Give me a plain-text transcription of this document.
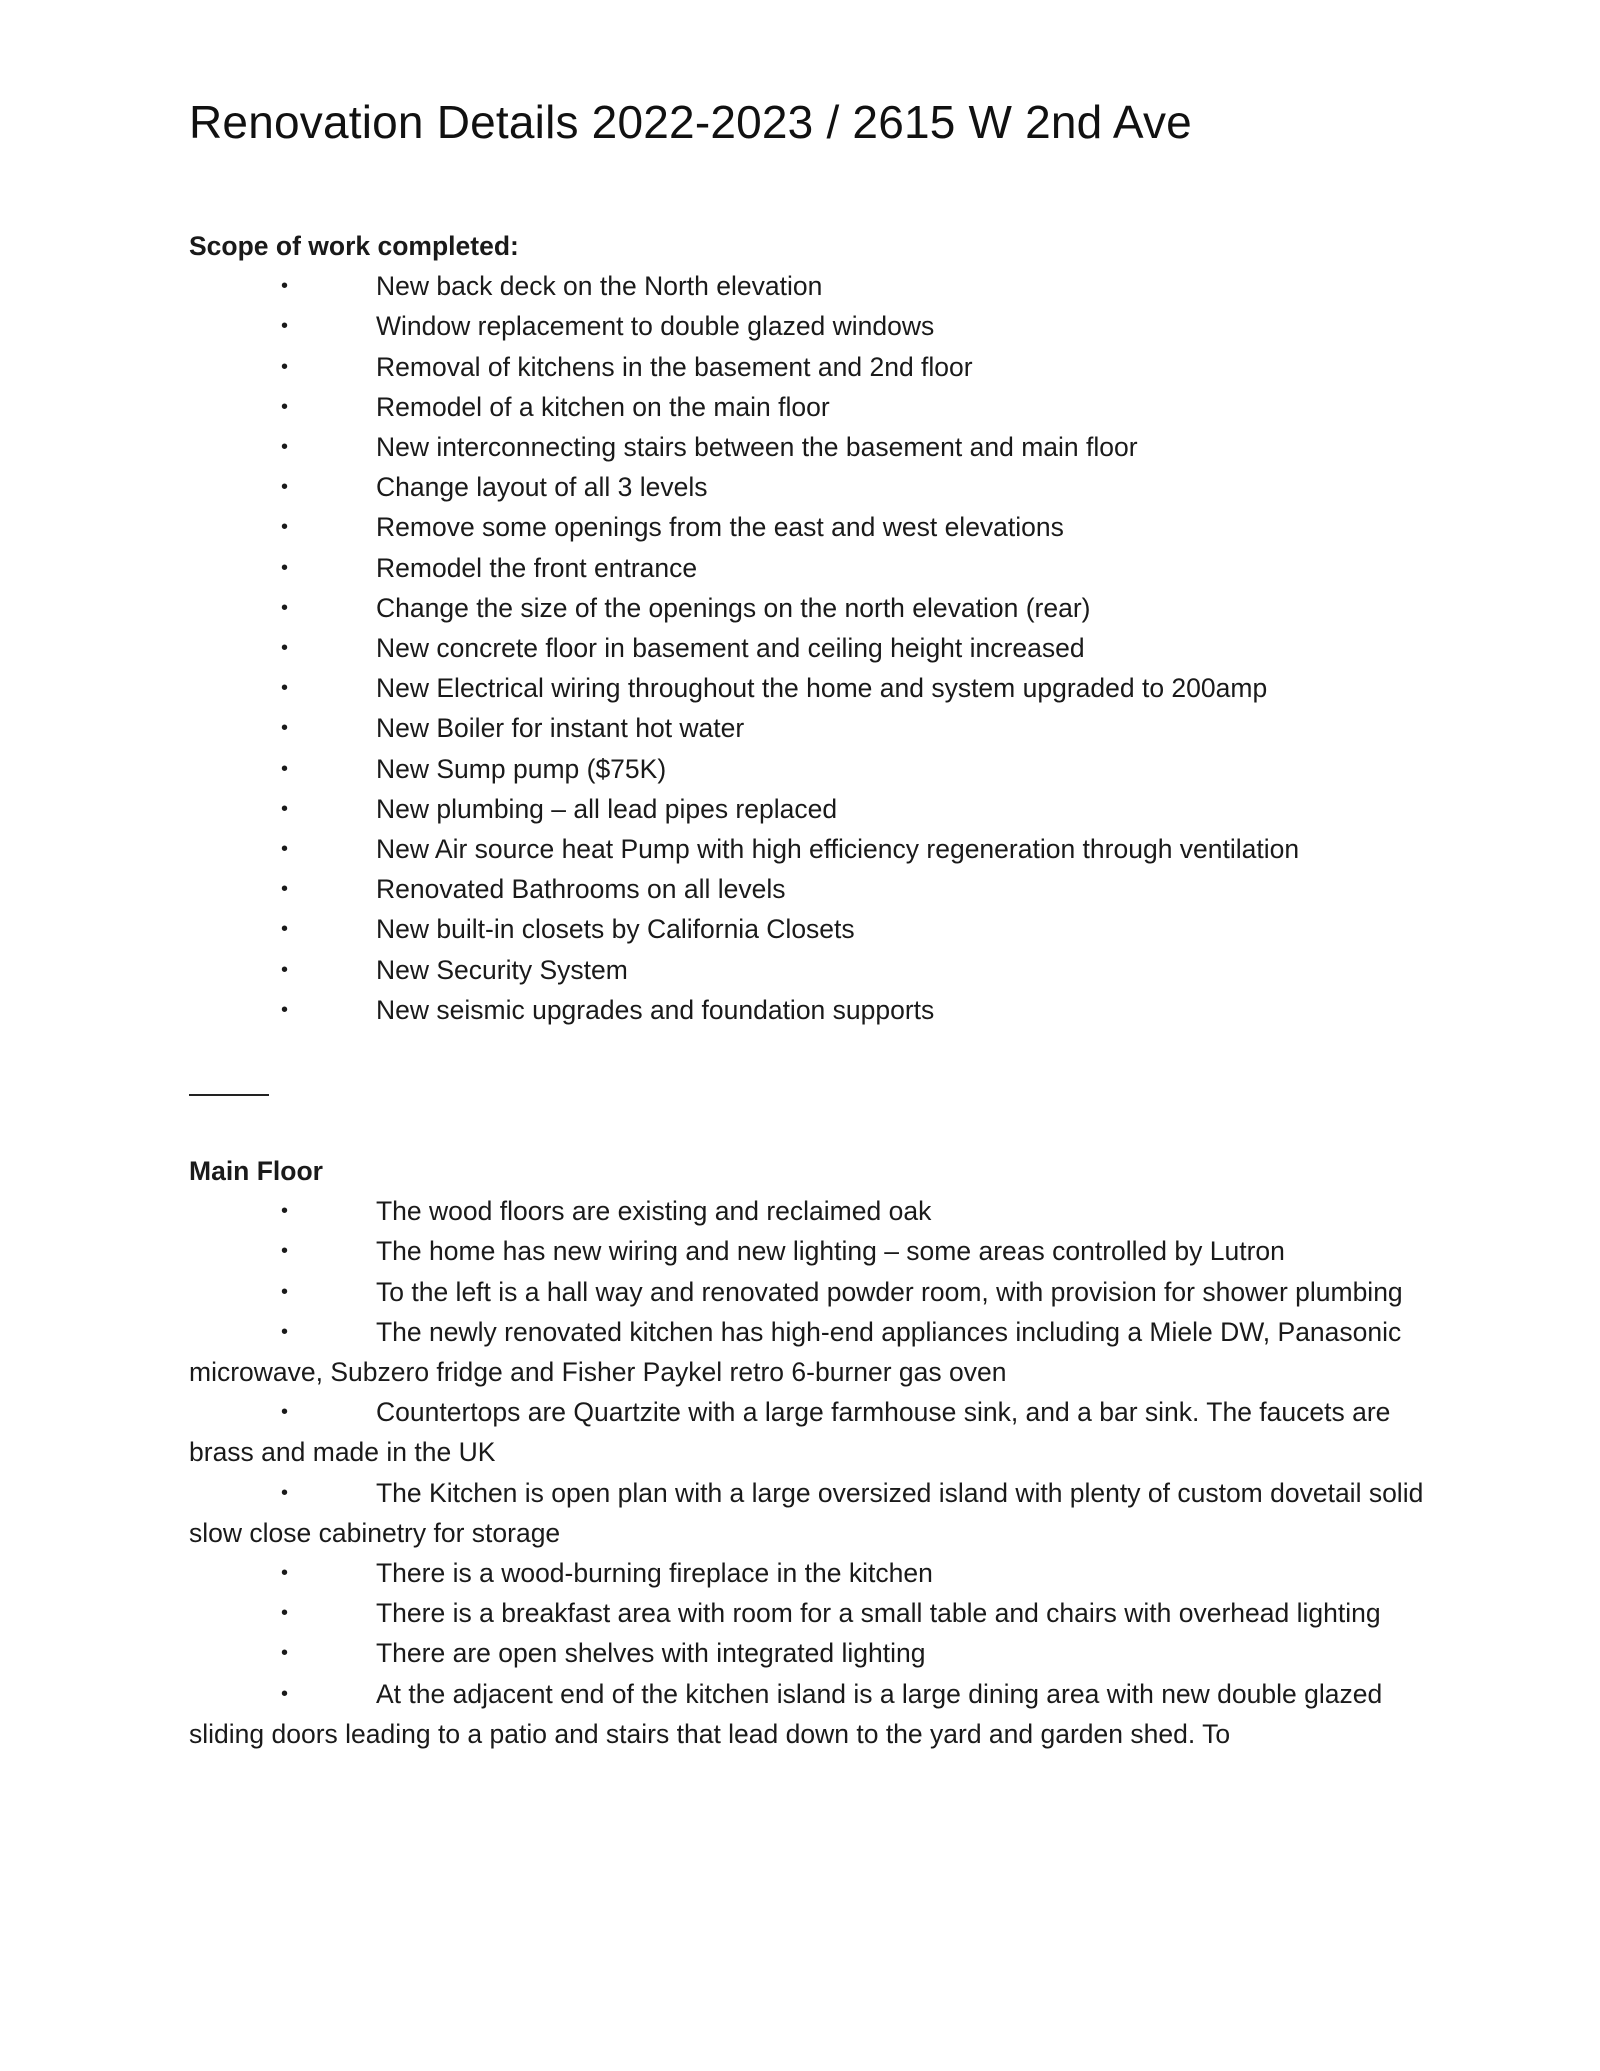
Renovation Details 2022-2023 / 2615 W 2nd Ave

Scope of work completed:

•	New back deck on the North elevation
•	Window replacement to double glazed windows
•	Removal of kitchens in the basement and 2nd floor
•	Remodel of a kitchen on the main floor
•	New interconnecting stairs between the basement and main floor
•	Change layout of all 3 levels
•	Remove some openings from the east and west elevations
•	Remodel the front entrance
•	Change the size of the openings on the north elevation (rear)
•	New concrete floor in basement and ceiling height increased
•	New Electrical wiring throughout the home and system upgraded to 200amp
•	New Boiler for instant hot water
•	New Sump pump ($75K)
•	New plumbing – all lead pipes replaced
•	New Air source heat Pump with high efficiency regeneration through ventilation
•	Renovated Bathrooms on all levels
•	New built-in closets by California Closets
•	New Security System
•	New seismic upgrades and foundation supports

Main Floor

•	The wood floors are existing and reclaimed oak

•	The home has new wiring and new lighting – some areas controlled by Lutron

•	To the left is a hall way and renovated powder room, with provision for shower plumbing

•	The newly renovated kitchen has high-end appliances including a Miele DW, Panasonic microwave, Subzero fridge and Fisher Paykel retro 6-burner gas oven

•	Countertops are Quartzite with a large farmhouse sink, and a bar sink. The faucets are brass and made in the UK

•	The Kitchen is open plan with a large oversized island with plenty of custom dovetail solid slow close cabinetry for storage

•	There is a wood-burning fireplace in the kitchen

•	There is a breakfast area with room for a small table and chairs with overhead lighting

•	There are open shelves with integrated lighting

•	At the adjacent end of the kitchen island is a large dining area with new double glazed sliding doors leading to a patio and stairs that lead down to the yard and garden shed. To
